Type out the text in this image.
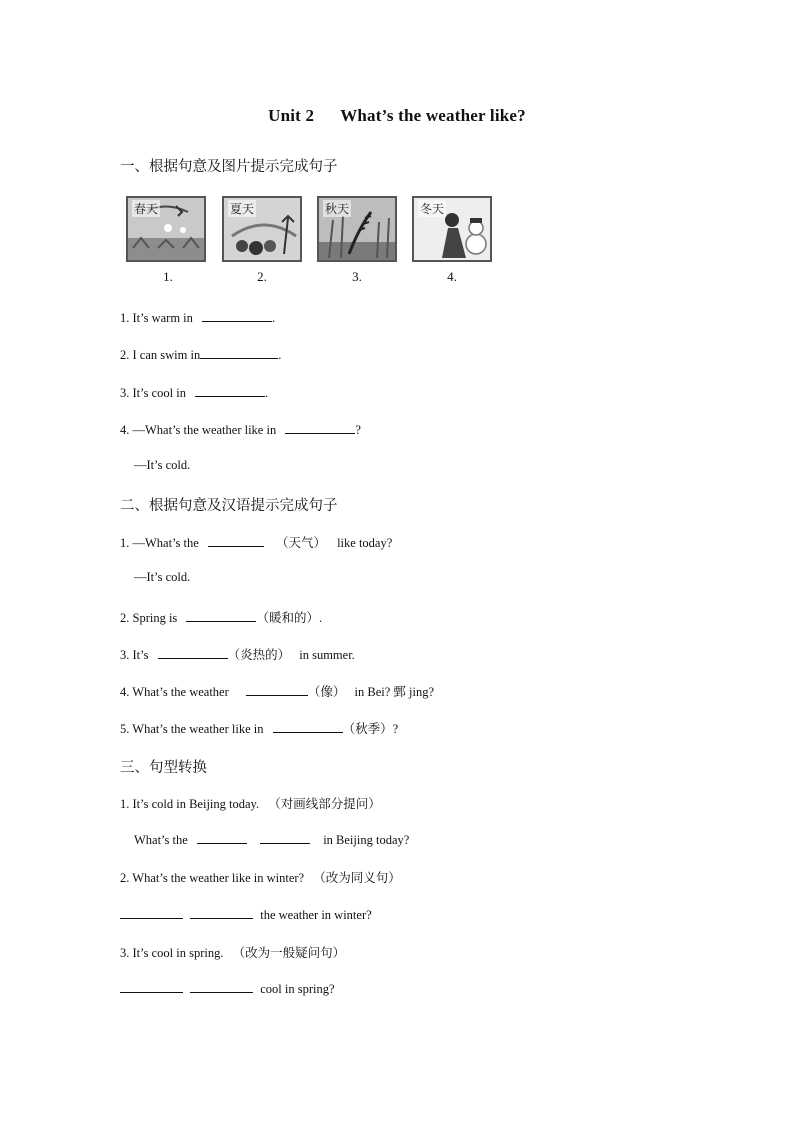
Unit 2 What’s the weather like?
一、根据句意及图片提示完成句子
春天	夏天	秋天	冬天
1.	2.	3.	4.
1. It’s warm in	.
2. I can swim in	.
3. It’s cool in	.
4. —What’s the weather like in	?
—It’s cold.
二、根据句意及汉语提示完成句子
1. —What’s the	（天气） like today?
—It’s cold.
2. Spring is	（暖和的）.
3. It’s	（炎热的） in summer.
4. What’s the weather	（像） in Bei? 鄄 jing?
5. What’s the weather like in	（秋季）?
三、句型转换
1. It’s cold in Beijing today. （对画线部分提问）
What’s the	in Beijing today?
2. What’s the weather like in winter? （改为同义句）
the weather in winter?
3. It’s cool in spring. （改为一般疑问句）
cool in spring?
